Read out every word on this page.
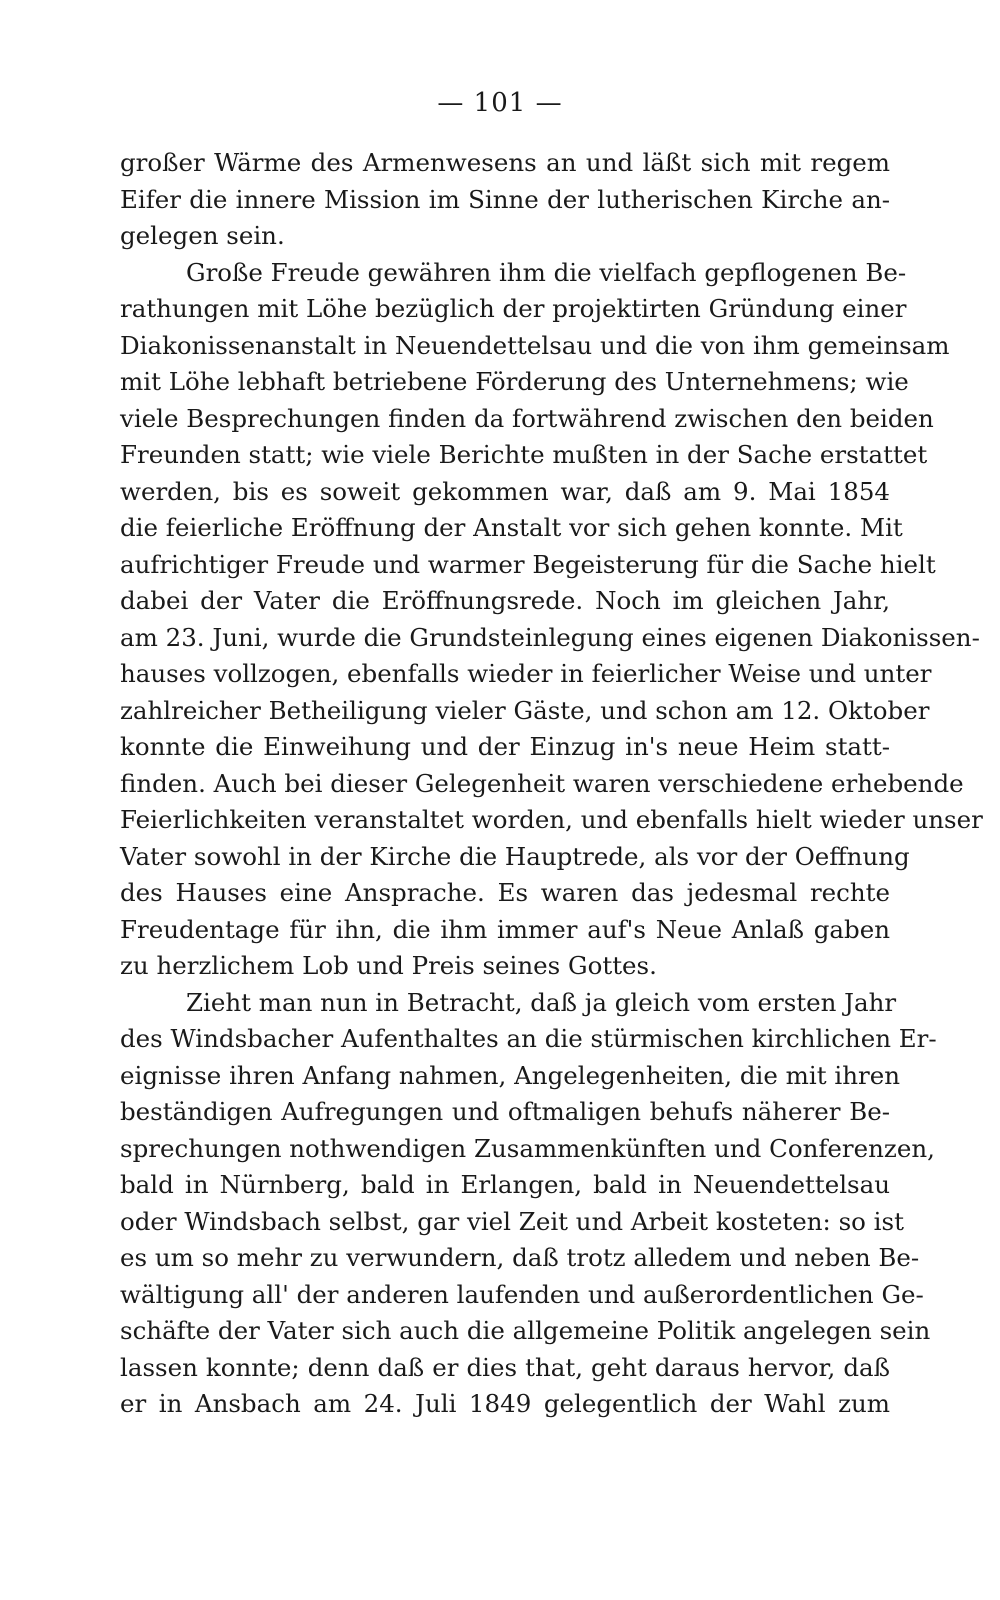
— 101 —
großer Wärme des Armenwesens an und läßt sich mit regem
Eifer die innere Mission im Sinne der lutherischen Kirche an-
gelegen sein.
Große Freude gewähren ihm die vielfach gepflogenen Be-
rathungen mit Löhe bezüglich der projektirten Gründung einer
Diakonissenanstalt in Neuendettelsau und die von ihm gemeinsam
mit Löhe lebhaft betriebene Förderung des Unternehmens; wie
viele Besprechungen finden da fortwährend zwischen den beiden
Freunden statt; wie viele Berichte mußten in der Sache erstattet
werden, bis es soweit gekommen war, daß am 9. Mai 1854
die feierliche Eröffnung der Anstalt vor sich gehen konnte. Mit
aufrichtiger Freude und warmer Begeisterung für die Sache hielt
dabei der Vater die Eröffnungsrede. Noch im gleichen Jahr,
am 23. Juni, wurde die Grundsteinlegung eines eigenen Diakonissen-
hauses vollzogen, ebenfalls wieder in feierlicher Weise und unter
zahlreicher Betheiligung vieler Gäste, und schon am 12. Oktober
konnte die Einweihung und der Einzug in's neue Heim statt-
finden. Auch bei dieser Gelegenheit waren verschiedene erhebende
Feierlichkeiten veranstaltet worden, und ebenfalls hielt wieder unser
Vater sowohl in der Kirche die Hauptrede, als vor der Oeffnung
des Hauses eine Ansprache. Es waren das jedesmal rechte
Freudentage für ihn, die ihm immer auf's Neue Anlaß gaben
zu herzlichem Lob und Preis seines Gottes.
Zieht man nun in Betracht, daß ja gleich vom ersten Jahr
des Windsbacher Aufenthaltes an die stürmischen kirchlichen Er-
eignisse ihren Anfang nahmen, Angelegenheiten, die mit ihren
beständigen Aufregungen und oftmaligen behufs näherer Be-
sprechungen nothwendigen Zusammenkünften und Conferenzen,
bald in Nürnberg, bald in Erlangen, bald in Neuendettelsau
oder Windsbach selbst, gar viel Zeit und Arbeit kosteten: so ist
es um so mehr zu verwundern, daß trotz alledem und neben Be-
wältigung all' der anderen laufenden und außerordentlichen Ge-
schäfte der Vater sich auch die allgemeine Politik angelegen sein
lassen konnte; denn daß er dies that, geht daraus hervor, daß
er in Ansbach am 24. Juli 1849 gelegentlich der Wahl zum
